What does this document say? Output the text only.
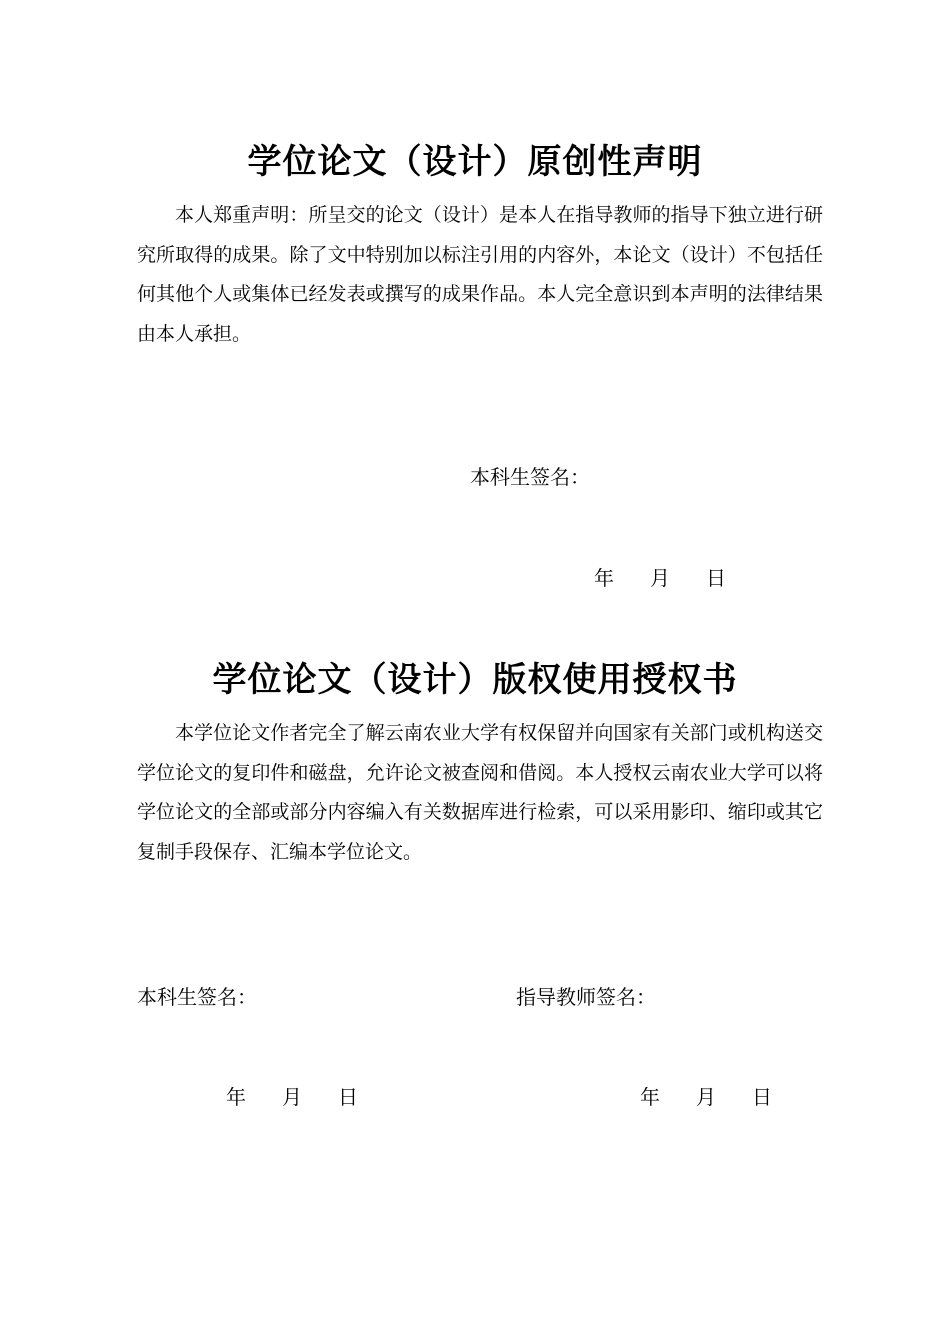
学位论文（设计）原创性声明

本人郑重声明：所呈交的论文（设计）是本人在指导教师的指导下独立进行研究所取得的成果。除了文中特别加以标注引用的内容外，本论文（设计）不包括任何其他个人或集体已经发表或撰写的成果作品。本人完全意识到本声明的法律结果由本人承担。

本科生签名：
年 月 日
学位论文（设计）版权使用授权书

本学位论文作者完全了解云南农业大学有权保留并向国家有关部门或机构送交学位论文的复印件和磁盘，允许论文被查阅和借阅。本人授权云南农业大学可以将学位论文的全部或部分内容编入有关数据库进行检索，可以采用影印、缩印或其它复制手段保存、汇编本学位论文。

本科生签名：	指导教师签名：
年 月 日	年 月 日
